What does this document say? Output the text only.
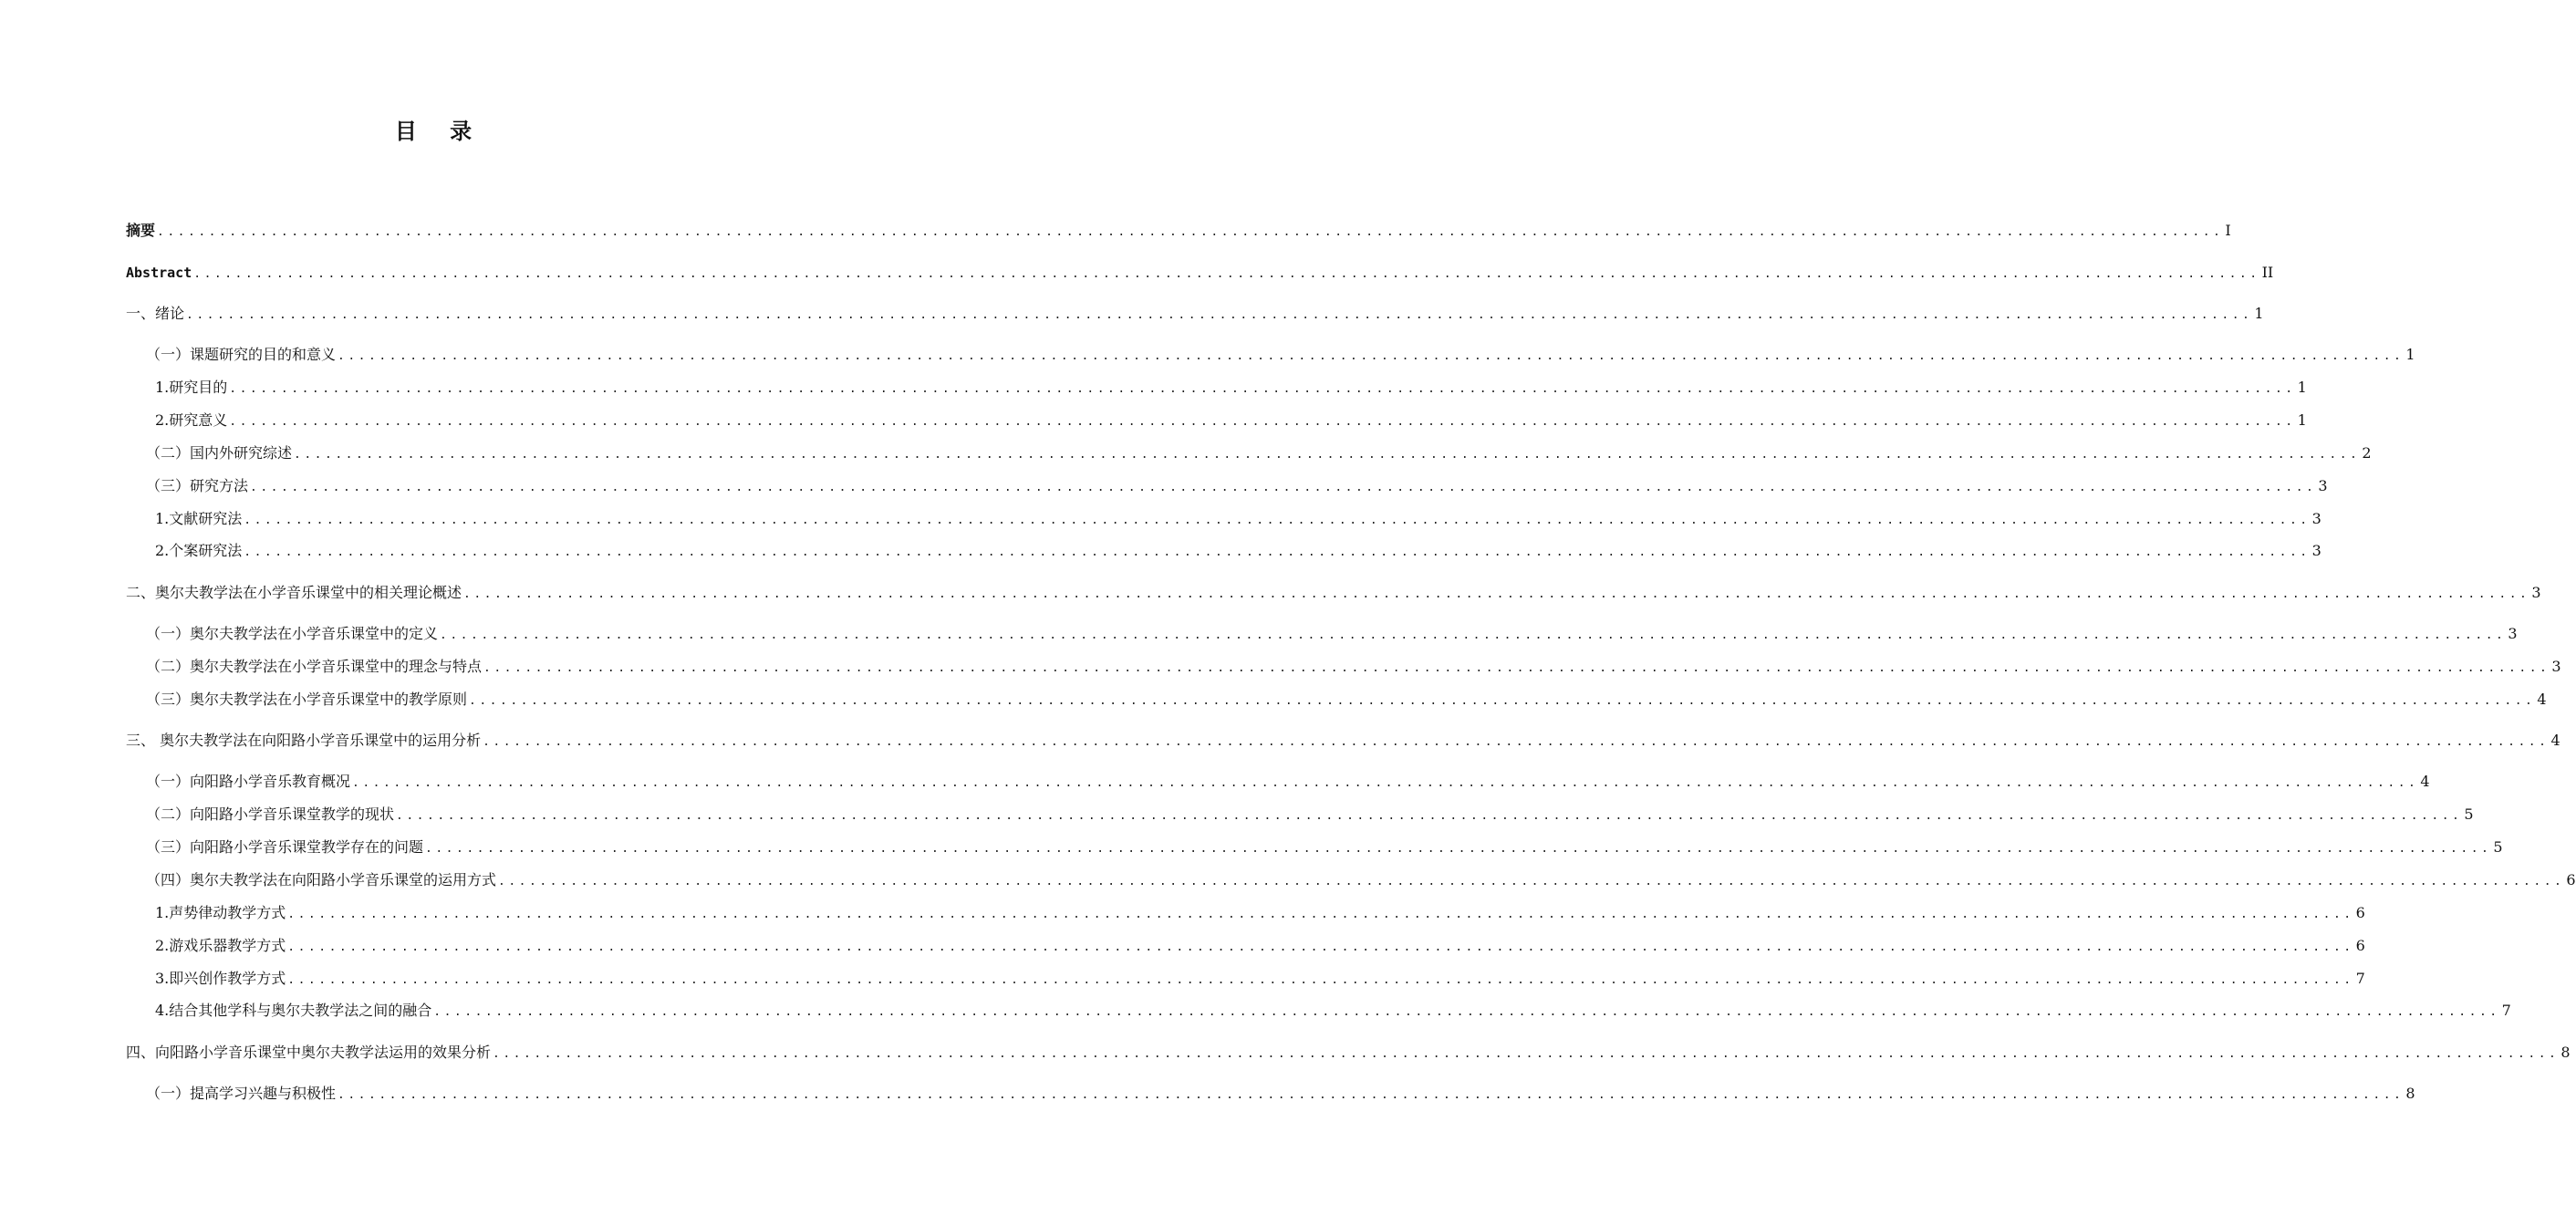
目 录
摘要 ........................................................................................................................................................................................................ I
Abstract ........................................................................................................................................................................................................ II
一、绪论 ........................................................................................................................................................................................................ 1
（一）课题研究的目的和意义 ........................................................................................................................................................................................................ 1
1.研究目的 ........................................................................................................................................................................................................ 1
2.研究意义 ........................................................................................................................................................................................................ 1
（二）国内外研究综述 ........................................................................................................................................................................................................ 2
（三）研究方法 ........................................................................................................................................................................................................ 3
1.文献研究法 ........................................................................................................................................................................................................ 3
2.个案研究法 ........................................................................................................................................................................................................ 3
二、奥尔夫教学法在小学音乐课堂中的相关理论概述 ........................................................................................................................................................................................................ 3
（一）奥尔夫教学法在小学音乐课堂中的定义 ........................................................................................................................................................................................................ 3
（二）奥尔夫教学法在小学音乐课堂中的理念与特点 ........................................................................................................................................................................................................ 3
（三）奥尔夫教学法在小学音乐课堂中的教学原则 ........................................................................................................................................................................................................ 4
三、 奥尔夫教学法在向阳路小学音乐课堂中的运用分析 ........................................................................................................................................................................................................ 4
（一）向阳路小学音乐教育概况 ........................................................................................................................................................................................................ 4
（二）向阳路小学音乐课堂教学的现状 ........................................................................................................................................................................................................ 5
（三）向阳路小学音乐课堂教学存在的问题 ........................................................................................................................................................................................................ 5
（四）奥尔夫教学法在向阳路小学音乐课堂的运用方式 ........................................................................................................................................................................................................ 6
1.声势律动教学方式 ........................................................................................................................................................................................................ 6
2.游戏乐器教学方式 ........................................................................................................................................................................................................ 6
3.即兴创作教学方式 ........................................................................................................................................................................................................ 7
4.结合其他学科与奥尔夫教学法之间的融合 ........................................................................................................................................................................................................ 7
四、向阳路小学音乐课堂中奥尔夫教学法运用的效果分析 ........................................................................................................................................................................................................ 8
（一）提高学习兴趣与积极性 ........................................................................................................................................................................................................ 8
